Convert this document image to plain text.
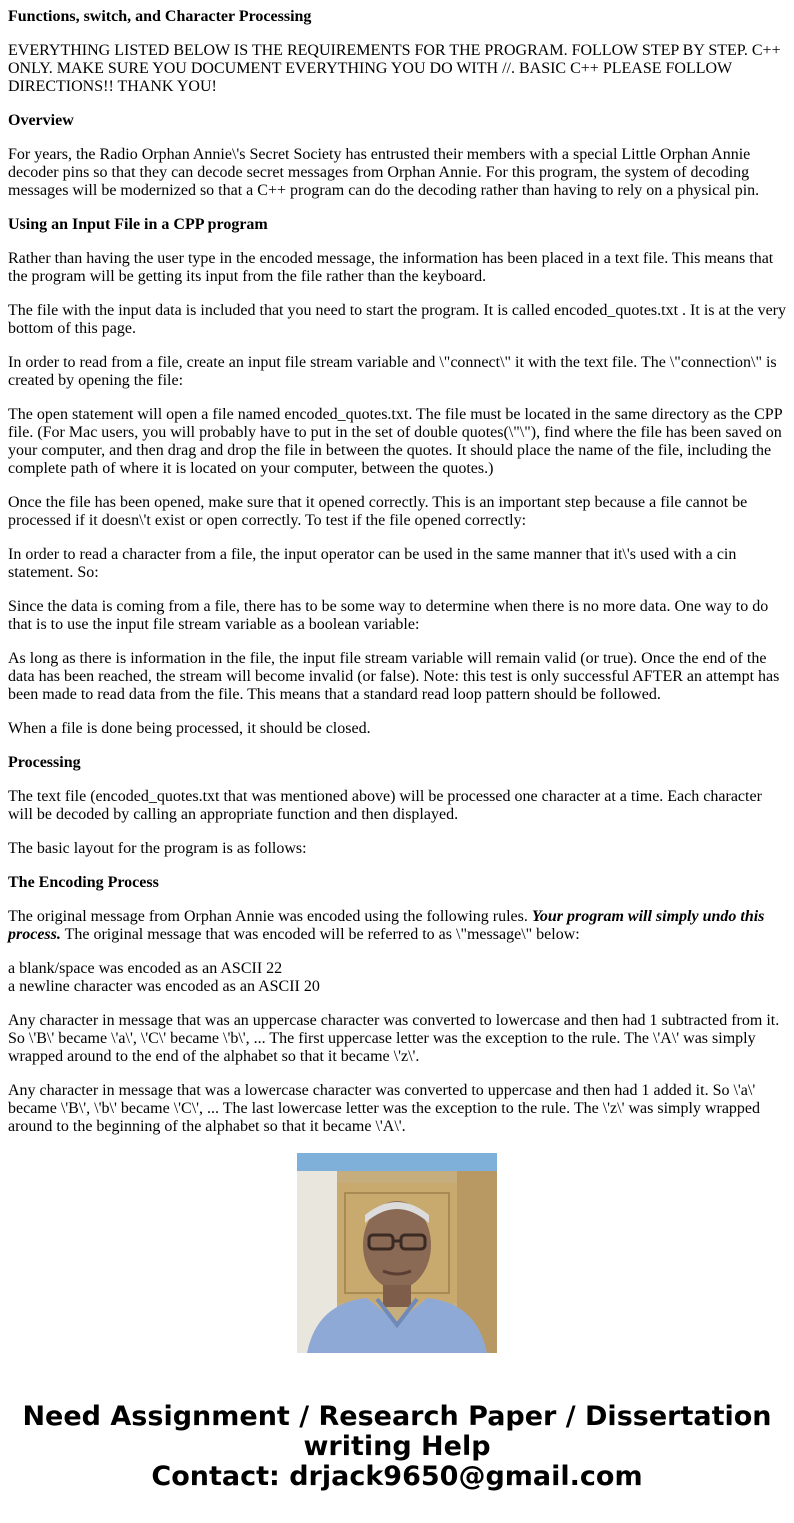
Functions, switch, and Character Processing

EVERYTHING LISTED BELOW IS THE REQUIREMENTS FOR THE PROGRAM. FOLLOW STEP BY STEP. C++ ONLY. MAKE SURE YOU DOCUMENT EVERYTHING YOU DO WITH //. BASIC C++ PLEASE FOLLOW DIRECTIONS!! THANK YOU!

Overview

For years, the Radio Orphan Annie\'s Secret Society has entrusted their members with a special Little Orphan Annie decoder pins so that they can decode secret messages from Orphan Annie. For this program, the system of decoding messages will be modernized so that a C++ program can do the decoding rather than having to rely on a physical pin.

Using an Input File in a CPP program

Rather than having the user type in the encoded message, the information has been placed in a text file. This means that the program will be getting its input from the file rather than the keyboard.

The file with the input data is included that you need to start the program. It is called encoded_quotes.txt . It is at the very bottom of this page.

In order to read from a file, create an input file stream variable and \"connect\" it with the text file. The \"connection\" is created by opening the file:

The open statement will open a file named encoded_quotes.txt. The file must be located in the same directory as the CPP file. (For Mac users, you will probably have to put in the set of double quotes(\"\"), find where the file has been saved on your computer, and then drag and drop the file in between the quotes. It should place the name of the file, including the complete path of where it is located on your computer, between the quotes.)

Once the file has been opened, make sure that it opened correctly. This is an important step because a file cannot be processed if it doesn\'t exist or open correctly. To test if the file opened correctly:

In order to read a character from a file, the input operator can be used in the same manner that it\'s used with a cin statement. So:

Since the data is coming from a file, there has to be some way to determine when there is no more data. One way to do that is to use the input file stream variable as a boolean variable:

As long as there is information in the file, the input file stream variable will remain valid (or true). Once the end of the data has been reached, the stream will become invalid (or false). Note: this test is only successful AFTER an attempt has been made to read data from the file. This means that a standard read loop pattern should be followed.

When a file is done being processed, it should be closed.

Processing

The text file (encoded_quotes.txt that was mentioned above) will be processed one character at a time. Each character will be decoded by calling an appropriate function and then displayed.

The basic layout for the program is as follows:

The Encoding Process

The original message from Orphan Annie was encoded using the following rules. Your program will simply undo this process. The original message that was encoded will be referred to as \"message\" below:

a blank/space was encoded as an ASCII 22
a newline character was encoded as an ASCII 20

Any character in message that was an uppercase character was converted to lowercase and then had 1 subtracted from it. So \'B\' became \'a\', \'C\' became \'b\', ... The first uppercase letter was the exception to the rule. The \'A\' was simply wrapped around to the end of the alphabet so that it became \'z\'.

Any character in message that was a lowercase character was converted to uppercase and then had 1 added it. So \'a\' became \'B\', \'b\' became \'C\', ... The last lowercase letter was the exception to the rule. The \'z\' was simply wrapped around to the beginning of the alphabet so that it became \'A\'.

Need Assignment / Research Paper / Dissertation
writing Help
Contact: drjack9650@gmail.com
